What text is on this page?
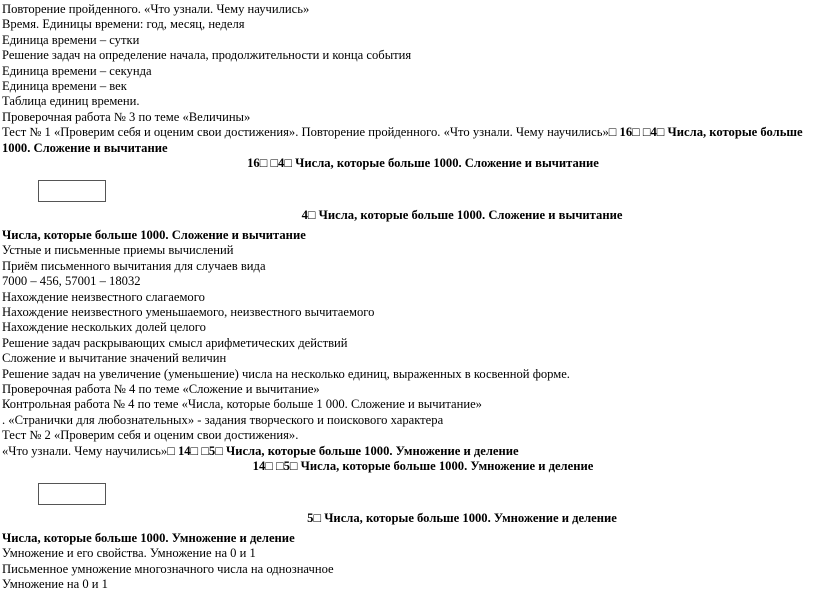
Повторение пройденного. «Что узнали. Чему научились»
Время. Единицы времени: год, месяц, неделя
Единица времени – сутки
Решение задач на определение начала, продолжительности и конца события
Единица времени – секунда
Единица времени – век
Таблица единиц времени.
Проверочная работа № 3 по теме «Величины»
Тест № 1 «Проверим себя и оценим свои достижения». Повторение пройденного. «Что узнали. Чему научились»□ 16□ □4□ Числа, которые больше 1000. Сложение и вычитание
16□ □4□ Числа, которые больше 1000. Сложение и вычитание
4□ Числа, которые больше 1000. Сложение и вычитание
Числа, которые больше 1000. Сложение и вычитание
Устные и письменные приемы вычислений
Приём письменного вычитания для случаев вида
7000 – 456, 57001 – 18032
Нахождение неизвестного слагаемого
Нахождение неизвестного уменьшаемого, неизвестного вычитаемого
Нахождение нескольких долей целого
Решение задач раскрывающих смысл арифметических действий
Сложение и вычитание значений величин
Решение задач на увеличение (уменьшение) числа на несколько единиц, выраженных в косвенной форме.
Проверочная работа № 4 по теме «Сложение и вычитание»
Контрольная работа № 4 по теме «Числа, которые больше 1 000. Сложение и вычитание»
. «Странички для любознательных» - задания творческого и поискового характера
Тест № 2 «Проверим себя и оценим свои достижения».
«Что узнали. Чему научились»□ 14□ □5□ Числа, которые больше 1000. Умножение и деление
14□ □5□ Числа, которые больше 1000. Умножение и деление
5□ Числа, которые больше 1000. Умножение и деление
Числа, которые больше 1000. Умножение и деление
Умножение и его свойства. Умножение на 0 и 1
Письменное умножение многозначного числа на однозначное
Умножение на 0 и 1
